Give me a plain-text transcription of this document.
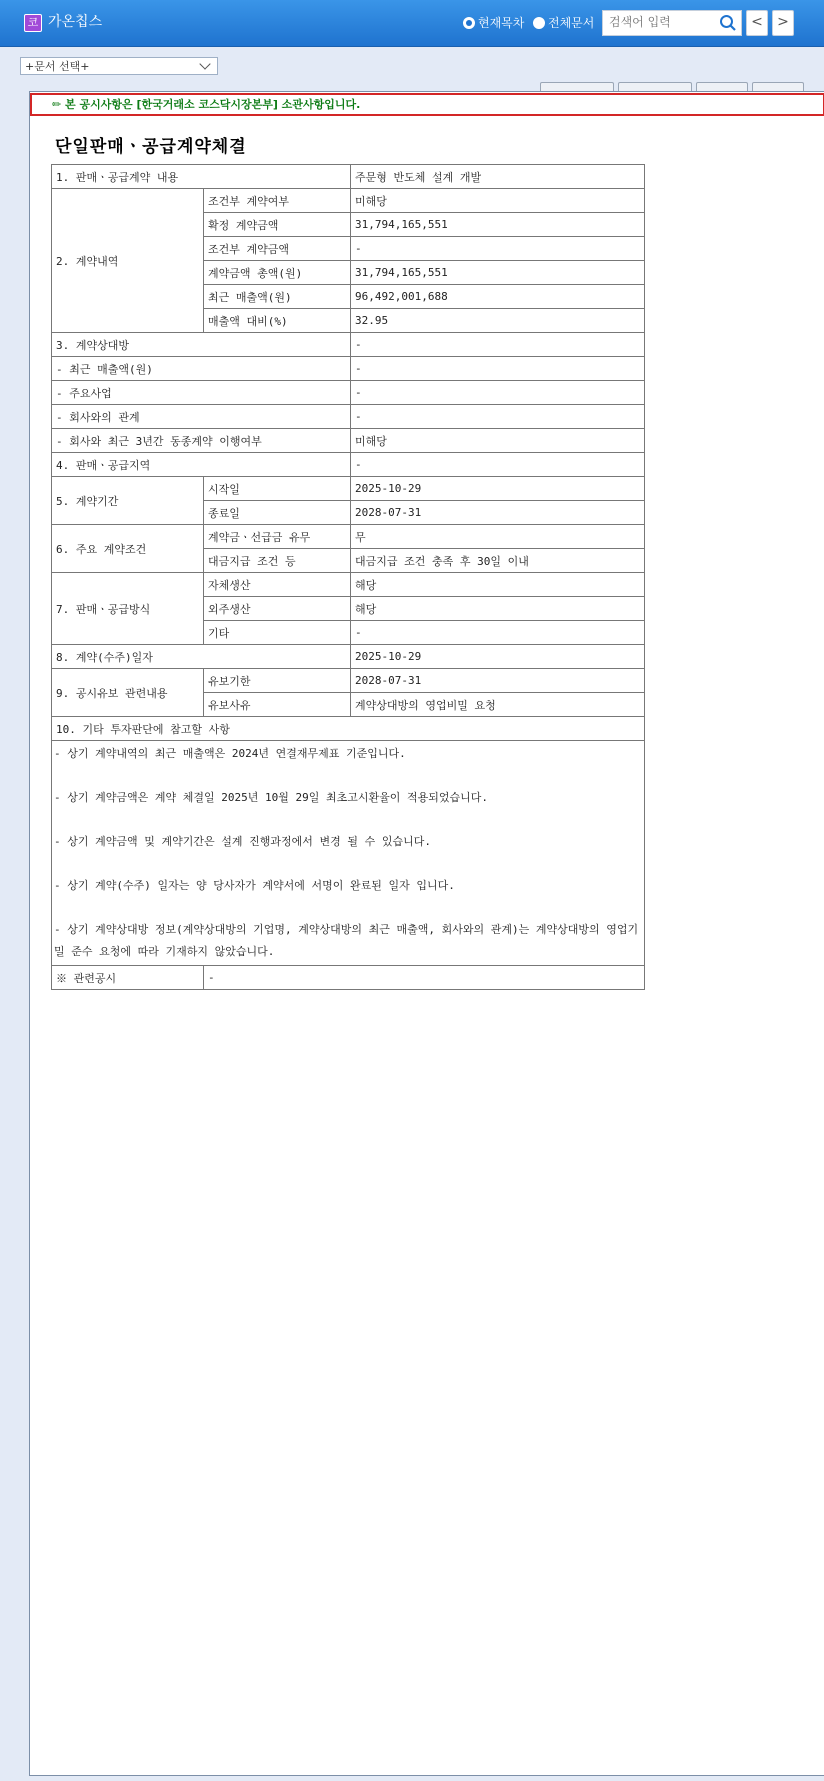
코 가온칩스	현재목차 전체문서
검색어 입력	<	>
+문서 선택+
✏ 본 공시사항은 [한국거래소 코스닥시장본부] 소관사항입니다.
단일판매ㆍ공급계약체결
1. 판매ㆍ공급계약 내용		주문형 반도체 설계 개발
2. 계약내역	조건부 계약여부	미해당
	확정 계약금액	31,794,165,551
	조건부 계약금액	-
	계약금액 총액(원)	31,794,165,551
	최근 매출액(원)	96,492,001,688
	매출액 대비(%)	32.95
3. 계약상대방		-
- 최근 매출액(원)		-
- 주요사업		-
- 회사와의 관계		-
- 회사와 최근 3년간 동종계약 이행여부		미해당
4. 판매ㆍ공급지역		-
5. 계약기간	시작일	2025-10-29
	종료일	2028-07-31
6. 주요 계약조건	계약금ㆍ선급금 유무	무
	대금지급 조건 등	대금지급 조건 충족 후 30일 이내
7. 판매ㆍ공급방식	자체생산	해당
	외주생산	해당
	기타	-
8. 계약(수주)일자		2025-10-29
9. 공시유보 관련내용	유보기한	2028-07-31
	유보사유	계약상대방의 영업비밀 요청
10. 기타 투자판단에 참고할 사항		

- 상기 계약내역의 최근 매출액은 2024년 연결재무제표 기준입니다.

- 상기 계약금액은 계약 체결일 2025년 10월 29일 최초고시환율이 적용되었습니다.

- 상기 계약금액 및 계약기간은 설계 진행과정에서 변경 될 수 있습니다.

- 상기 계약(수주) 일자는 양 당사자가 계약서에 서명이 완료된 일자 입니다.

- 상기 계약상대방 정보(계약상대방의 기업명, 계약상대방의 최근 매출액, 회사와의 관계)는 계약상대방의 영업기밀 준수 요청에 따라 기재하지 않았습니다.		

※ 관련공시	-	
